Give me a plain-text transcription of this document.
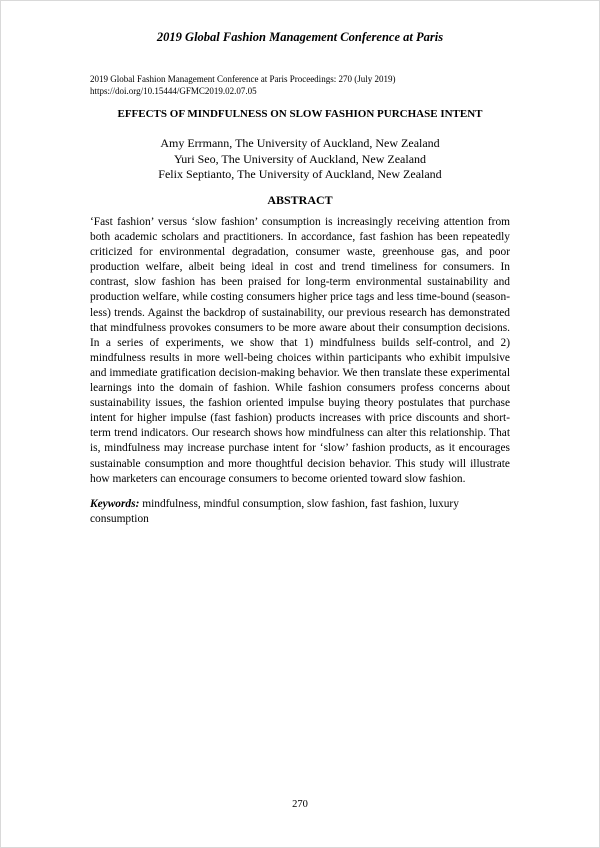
2019 Global Fashion Management Conference at Paris
2019 Global Fashion Management Conference at Paris Proceedings: 270 (July 2019)
https://doi.org/10.15444/GFMC2019.02.07.05
EFFECTS OF MINDFULNESS ON SLOW FASHION PURCHASE INTENT
Amy Errmann, The University of Auckland, New Zealand
Yuri Seo, The University of Auckland, New Zealand
Felix Septianto, The University of Auckland, New Zealand
ABSTRACT

‘Fast fashion’ versus ‘slow fashion’ consumption is increasingly receiving attention from both academic scholars and practitioners. In accordance, fast fashion has been repeatedly criticized for environmental degradation, consumer waste, greenhouse gas, and poor production welfare, albeit being ideal in cost and trend timeliness for consumers. In contrast, slow fashion has been praised for long-term environmental sustainability and production welfare, while costing consumers higher price tags and less time-bound (season-less) trends. Against the backdrop of sustainability, our previous research has demonstrated that mindfulness provokes consumers to be more aware about their consumption decisions. In a series of experiments, we show that 1) mindfulness builds self-control, and 2) mindfulness results in more well-being choices within participants who exhibit impulsive and immediate gratification decision-making behavior. We then translate these experimental learnings into the domain of fashion. While fashion consumers profess concerns about sustainability issues, the fashion oriented impulse buying theory postulates that purchase intent for higher impulse (fast fashion) products increases with price discounts and short-term trend indicators. Our research shows how mindfulness can alter this relationship. That is, mindfulness may increase purchase intent for ‘slow’ fashion products, as it encourages sustainable consumption and more thoughtful decision behavior. This study will illustrate how marketers can encourage consumers to become oriented toward slow fashion.

Keywords: mindfulness, mindful consumption, slow fashion, fast fashion, luxury consumption

270
